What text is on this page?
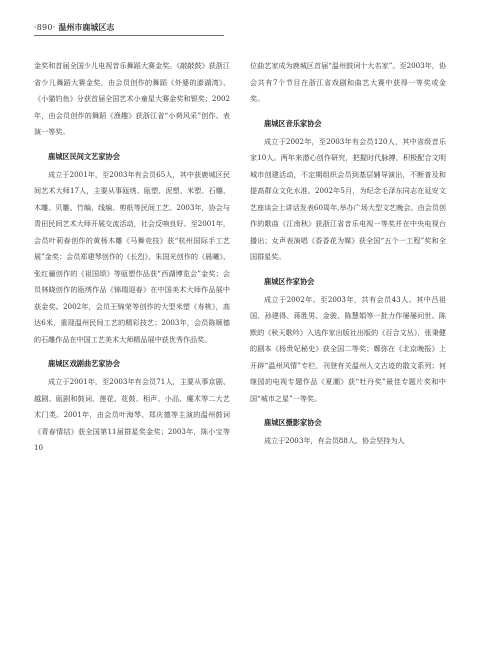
·890· 温州市鹿城区志

金奖和首届全国少儿电视音乐舞蹈大赛金奖。《敲敲鼓》获浙江省少儿舞蹈大赛金奖，由会员创作的舞蹈《外婆的澎湖湾》、《小猫钓鱼》分获首届全国艺术小童星大赛金奖和银奖；2002年，由会员创作的舞蹈《渔趣》获浙江省“小荷风采”创作、表演一等奖。

鹿城区民间文艺家协会

成立于2001年，至2003年有会员65人，其中获鹿城区民间艺术大师17人，主要从事瓯绣、瓯塑、泥塑、米塑、石雕、木雕、贝雕、竹编、线编、剪纸等民间工艺。2003年，协会与青田民间艺术大师开展交流活动，社会反响良好。至2001年，会员叶莉春创作的黄杨木雕《马舞竞技》获“杭州国际手工艺展”金奖；会员郑建琴创作的《长烈》、朱国光创作的《晨曦》、张红骊创作的《祖国颂》等瓯塑作品获“西湖博览会”金奖；会员林晓创作的瓯绣作品《锦瑞迎春》在中国美术大师作品展中获金奖。2002年，会员王锦荣等创作的大型米塑《寿桃》，高达6米，重现温州民间工艺的精彩技艺；2003年，会员陈顺德的石雕作品在中国工艺美术大师精品展中获优秀作品奖。

鹿城区戏剧曲艺家协会

成立于2001年，至2003年有会员71人，主要从事京剧、越剧、瓯剧和鼓词、莲花、花鼓、相声、小品、魔术等二大艺术门类。2001年，由会员叶海琴、郑庆德等主演的温州鼓词《青春情结》获全国第11届群星奖金奖；2003年，陈小宝等10

位曲艺家成为鹿城区首届“温州鼓词十大名家”。至2003年，协会共有7个节目在浙江省戏剧和曲艺大赛中获得一等奖或金奖。

鹿城区音乐家协会

成立于2002年，至2003年有会员120人，其中省级音乐家10人。两年来潜心创作研究，把握时代脉搏，积极配合文明城市创建活动，不定期组织会员到基层辅导演出，不断普及和提高群众文化水准。2002年5月，为纪念毛泽东同志在延安文艺座谈会上讲话发表60周年,举办广场大型文艺晚会。由会员创作的歌曲《江南秋》获浙江省音乐电视一等奖并在中央电视台播出；女声表演唱《香香花为媒》获全国“五个一工程”奖和全国群星奖。

鹿城区作家协会

成立于2002年。至2003年，共有会员43人。其中吕祖国、孙建得、蒋胜男、金骏、陈慧娟等一批力作屡屡问世。陈默的《秋天歌吟》入选作家出版社出版的《百合文丛》，张秉健的剧本《杨贵妃秘史》获全国二等奖；鄭弥在《北京晚报》上开辟“温州风情”专栏，刊登有关温州人文古迹的散文系列；何继园的电视专题作品《夏潮》获“牡丹奖”最佳专题片奖和中国“城市之星”一等奖。

鹿城区摄影家协会

成立于2003年，有会员88人。协会坚持为人
